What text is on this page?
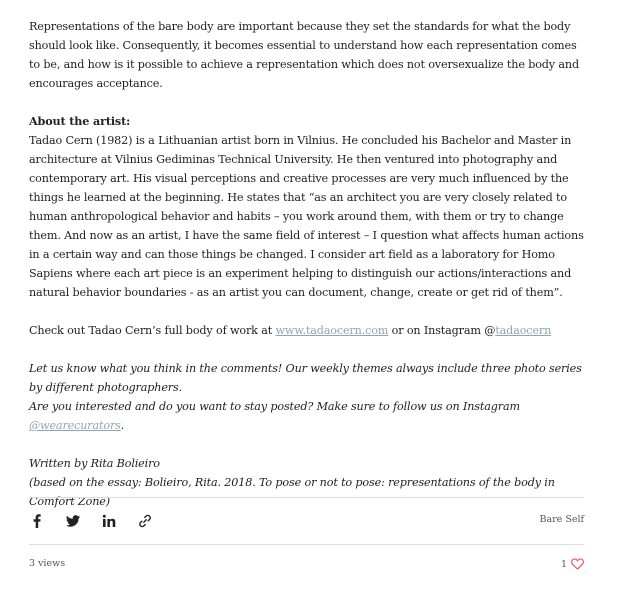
Representations of the bare body are important because they set the standards for what the body should look like. Consequently, it becomes essential to understand how each representation comes to be, and how is it possible to achieve a representation which does not oversexualize the body and encourages acceptance.

About the artist:

Tadao Cern (1982) is a Lithuanian artist born in Vilnius. He concluded his Bachelor and Master in architecture at Vilnius Gediminas Technical University. He then ventured into photography and contemporary art. His visual perceptions and creative processes are very much influenced by the things he learned at the beginning. He states that “as an architect you are very closely related to human anthropological behavior and habits – you work around them, with them or try to change them. And now as an artist, I have the same field of interest – I question what affects human actions in a certain way and can those things be changed. I consider art field as a laboratory for Homo Sapiens where each art piece is an experiment helping to distinguish our actions/interactions and natural behavior boundaries - as an artist you can document, change, create or get rid of them”.

Check out Tadao Cern’s full body of work at www.tadaocern.com or on Instagram @tadaocern

Let us know what you think in the comments! Our weekly themes always include three photo series by different photographers.

Are you interested and do you want to stay posted? Make sure to follow us on Instagram @wearecurators.

Written by Rita Bolieiro

(based on the essay: Bolieiro, Rita. 2018. To pose or not to pose: representations of the body in Comfort Zone)

Bare Self
3 views	1
